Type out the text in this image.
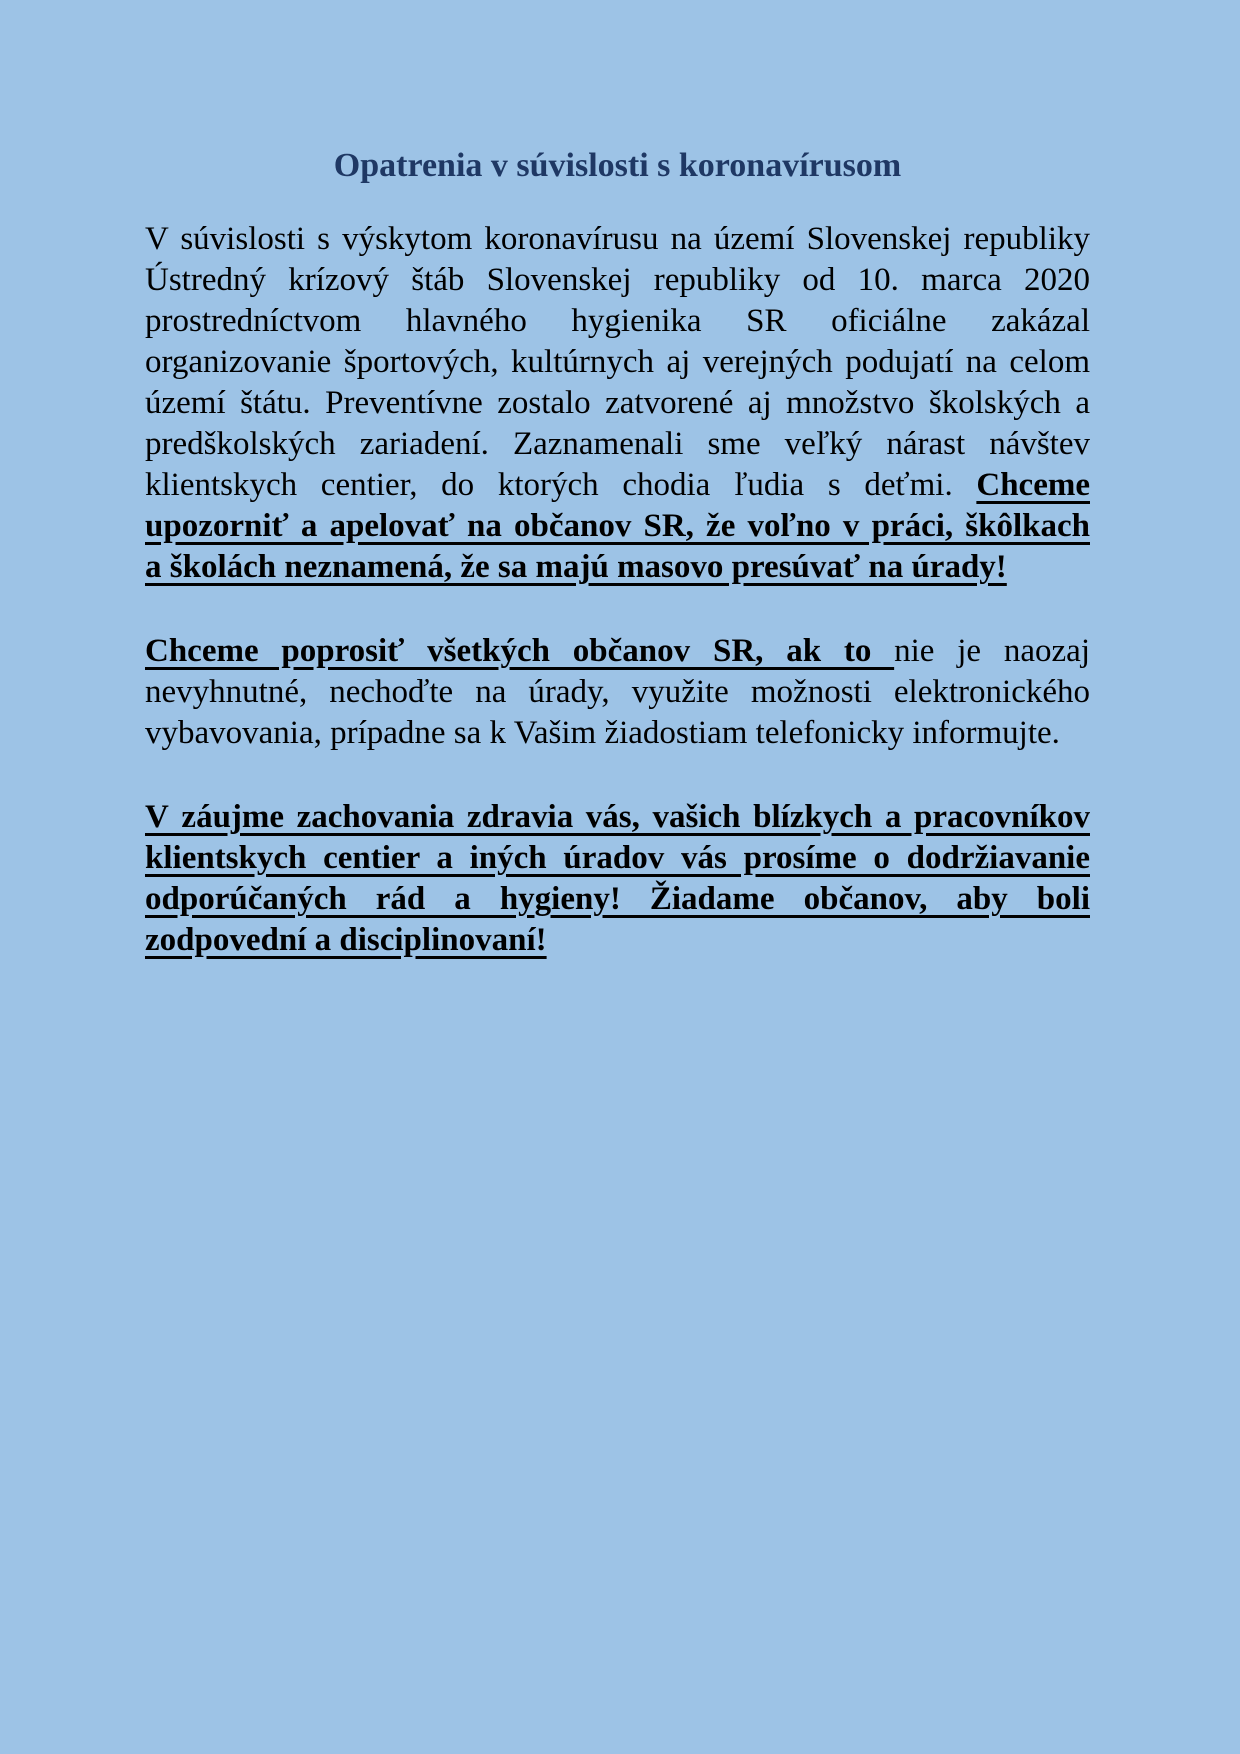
Opatrenia v súvislosti s koronavírusom

V súvislosti s výskytom koronavírusu na území Slovenskej republiky Ústredný krízový štáb Slovenskej republiky od 10. marca 2020 prostredníctvom hlavného hygienika SR oficiálne zakázal organizovanie športových, kultúrnych aj verejných podujatí na celom území štátu. Preventívne zostalo zatvorené aj množstvo školských a predškolských zariadení. Zaznamenali sme veľký nárast návštev klientskych centier, do ktorých chodia ľudia s deťmi. Chceme upozorniť a apelovať na občanov SR, že voľno v práci, škôlkach a školách neznamená, že sa majú masovo presúvať na úrady!

Chceme poprosiť všetkých občanov SR, ak to nie je naozaj nevyhnutné, nechoďte na úrady, využite možnosti elektronického vybavovania, prípadne sa k Vašim žiadostiam telefonicky informujte.

V záujme zachovania zdravia vás, vašich blízkych a pracovníkov klientskych centier a iných úradov vás prosíme o dodržiavanie odporúčaných rád a hygieny! Žiadame občanov, aby boli zodpovední a disciplinovaní!
